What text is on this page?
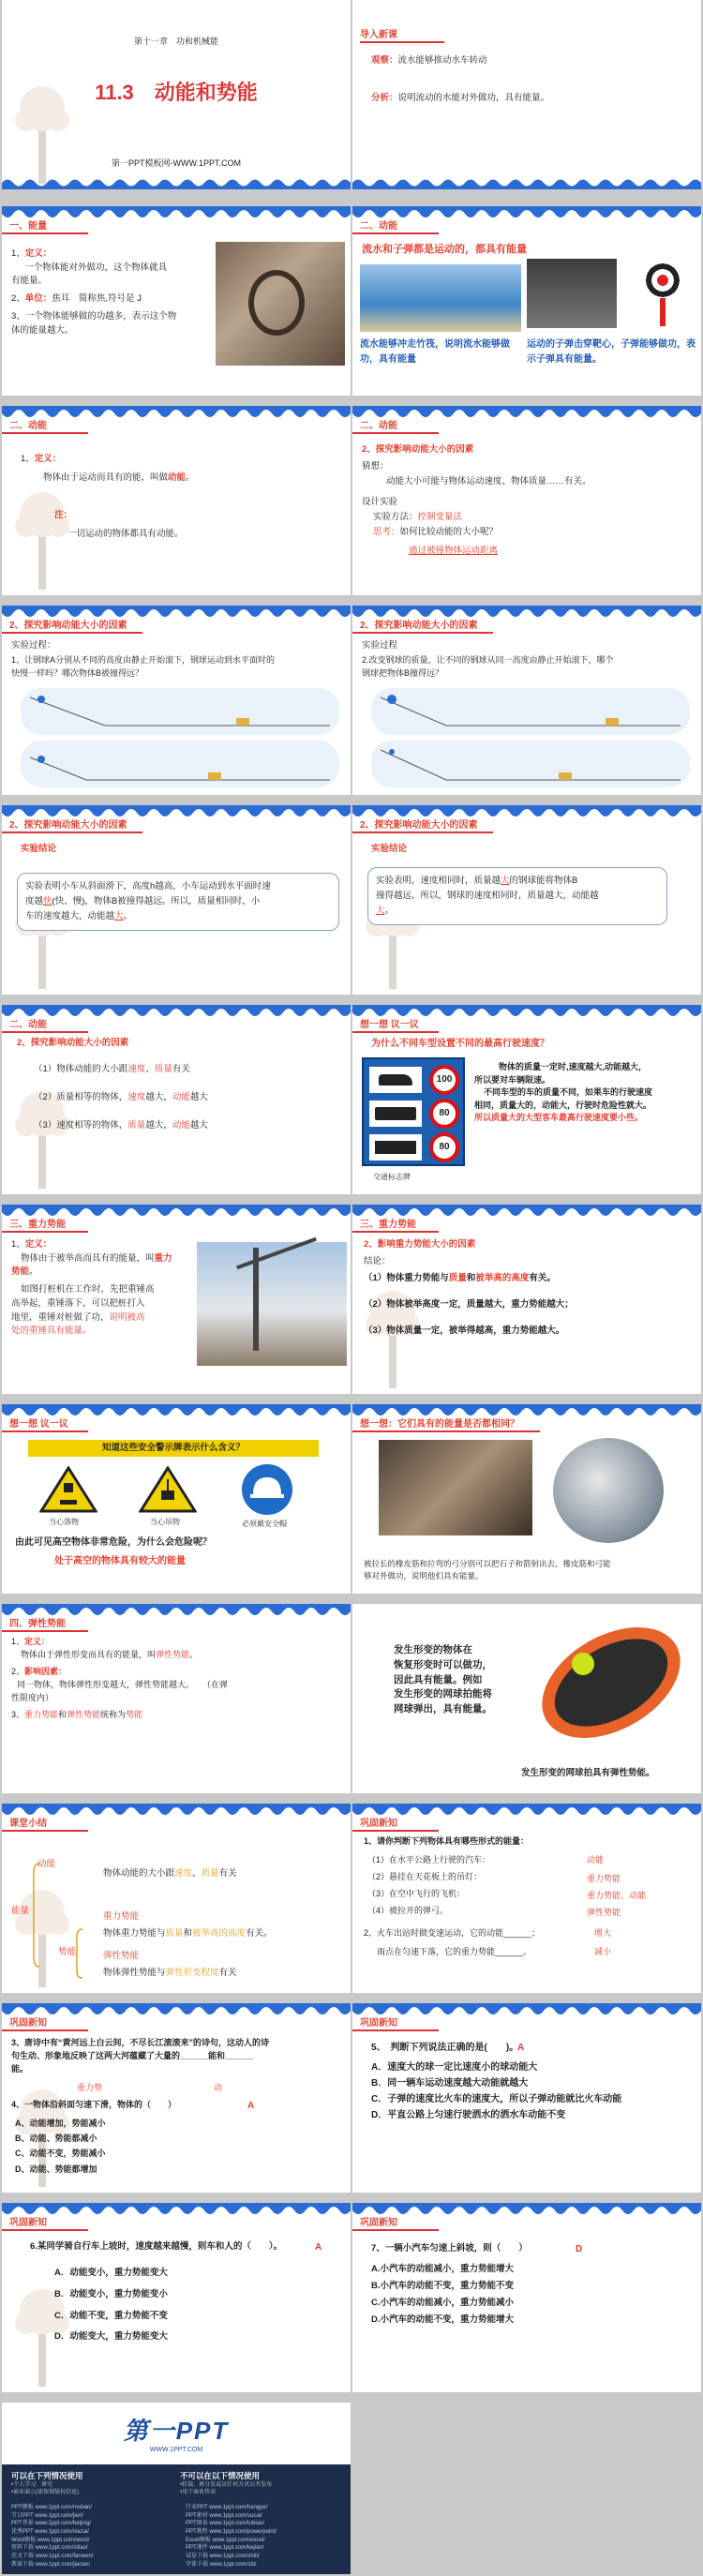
第十一章　功和机械能
11.3　动能和势能
第一PPT模板网-WWW.1PPT.COM
导入新课
观察：流水能够推动水车转动
分析：说明流动的水能对外做功，具有能量。
一、能量
1、定义：
一个物体能对外做功，这个物体就具
有能量。
2、单位：焦耳　简称焦,符号是 J
3、一个物体能够做的功越多，表示这个物
体的能量越大。
二、动能
流水和子弹都是运动的，都具有能量
流水能够冲走竹筏，说明流水能够做功，具有能量
运动的子弹击穿靶心，子弹能够做功，表示子弹具有能量。
二、动能
1、定义：
物体由于运动而具有的能，叫做动能。
注：
一切运动的物体都具有动能。
二、动能
2、探究影响动能大小的因素
猜想：
动能大小可能与物体运动速度、物体质量……有关。
设计实验
实验方法：控制变量法
思考：如何比较动能的大小呢？
通过被撞物体运动距离
2、探究影响动能大小的因素
实验过程：
1、让钢球A分别从不同的高度由静止开始滚下，钢球运动到水平面时的
快慢一样吗？哪次物体B被撞得远？
2、探究影响动能大小的因素
实验过程
2.改变钢球的质量，让不同的钢球从同一高度由静止开始滚下，哪个
钢球把物体B撞得远？
2、探究影响动能大小的因素
实验结论
实验表明小车从斜面滑下，高度h越高，小车运动到水平面时速
度越快(快、慢)，物体B被撞得越远。所以，质量相同时，小
车的速度越大，动能越大。
2、探究影响动能大小的因素
实验结论
实验表明，速度相同时，质量越大的钢球能将物体B
撞得越远，所以，钢球的速度相同时，质量越大，动能越
大。
二、动能
2、探究影响动能大小的因素
（1）物体动能的大小跟速度、质量有关
（2）质量相等的物体，速度越大，动能越大
（3）速度相等的物体，质量越大，动能越大
想一想 议一议
为什么不同车型设置不同的最高行驶速度？
100
80
80
交通标志牌
物体的质量一定时,速度越大,动能越大，
所以要对车辆限速。
不同车型的车的质量不同，如果车的行驶速度
相同，质量大的，动能大，行驶时危险性就大。
所以质量大的大型客车最高行驶速度要小些。
三、重力势能
1、定义：
物体由于被举高而具有的能量，叫重力
势能。
如图打桩机在工作时，先把重锤高
高举起，重锤落下，可以把桩打入
地里，重锤对桩做了功，说明被高
处的重锤具有能量。
三、重力势能
2、影响重力势能大小的因素
结论：
（1）物体重力势能与质量和被举高的高度有关。
（2）物体被举高度一定，质量越大，重力势能越大；
（3）物体质量一定，被举得越高，重力势能越大。
想一想 议一议
知道这些安全警示牌表示什么含义？
当心落物	当心吊物	必须戴安全帽
由此可见高空物体非常危险，为什么会危险呢？
处于高空的物体具有较大的能量
想一想：它们具有的能量是否都相同？
被拉长的橡皮筋和拉弯的弓分别可以把石子和箭射出去，橡皮筋和弓能
够对外做功，说明他们具有能量。
四、弹性势能
1、定义：
物体由于弹性形变而具有的能量，叫弹性势能。
2、影响因素：
同一物体，物体弹性形变越大，弹性势能越大。　　（在弹
性限度内）
3、重力势能和弹性势能统称为势能
发生形变的物体在
恢复形变时可以做功，
因此具有能量。例如
发生形变的网球拍能将
网球弹出，具有能量。
发生形变的网球拍具有弹性势能。
课堂小结
能量
动能
物体动能的大小跟速度、质量有关
势能
重力势能
物体重力势能与质量和被举高的高度有关。
弹性势能
物体弹性势能与弹性形变程度有关
巩固新知
1、请你判断下列物体具有哪些形式的能量：
（1）在水平公路上行驶的汽车：	动能
（2）悬挂在天花板上的吊灯：	重力势能
（3）在空中飞行的飞机：	重力势能、动能
（4）被拉开的弹弓。	弹性势能
2、火车出站时做变速运动，它的动能______；	增大
雨点在匀速下落，它的重力势能______。	减小
巩固新知
3、唐诗中有“黄河远上白云间，不尽长江滚滚来”的诗句，这动人的诗
句生动、形象地反映了这两大河蕴藏了大量的______能和______
能。
重力势	动
4、一物体沿斜面匀速下滑，物体的（　　）	A
A、动能增加，势能减小
B、动能、势能都减小
C、动能不变，势能减小
D、动能、势能都增加
巩固新知
5、　判断下列说法正确的是(　　)。
A
A．速度大的球一定比速度小的球动能大
B．同一辆车运动速度越大动能就越大
C．子弹的速度比火车的速度大，所以子弹动能就比火车动能
D．平直公路上匀速行驶洒水的洒水车动能不变
巩固新知
6.某同学骑自行车上坡时，速度越来越慢，则车和人的（　　）。	A
A．动能变小，重力势能变大
B．动能变小，重力势能变小
C．动能不变，重力势能不变
D．动能变大，重力势能变大
巩固新知
7、一辆小汽车匀速上斜坡，则（　　）	D
A.小汽车的动能减小，重力势能增大
B.小汽车的动能不变，重力势能不变
C.小汽车的动能减小，重力势能减小
D.小汽车的动能不变，重力势能增大
第一PPT
WWW.1PPT.COM
可以在下列情况使用
•个人学习、研究
•商业演示(需保留版权信息)
不可以在以下情况使用
•转载、再分发或以任何方式公开发布
•用于商业售卖
PPT模板 www.1ppt.com/moban/	行业PPT www.1ppt.com/hangye/
节日PPT www.1ppt.com/jieri/	PPT素材 www.1ppt.com/sucai/
PPT背景 www.1ppt.com/beijing/	PPT图表 www.1ppt.com/tubiao/
优秀PPT www.1ppt.com/xiazai/	PPT教程 www.1ppt.com/powerpoint/
Word模板 www.1ppt.com/word/	Excel模板 www.1ppt.com/excel/
资料下载 www.1ppt.com/ziliao/	PPT课件 www.1ppt.com/kejian/
范文下载 www.1ppt.com/fanwen/	试卷下载 www.1ppt.com/shiti/
教案下载 www.1ppt.com/jiaoan/	字体下载 www.1ppt.com/ziti/
